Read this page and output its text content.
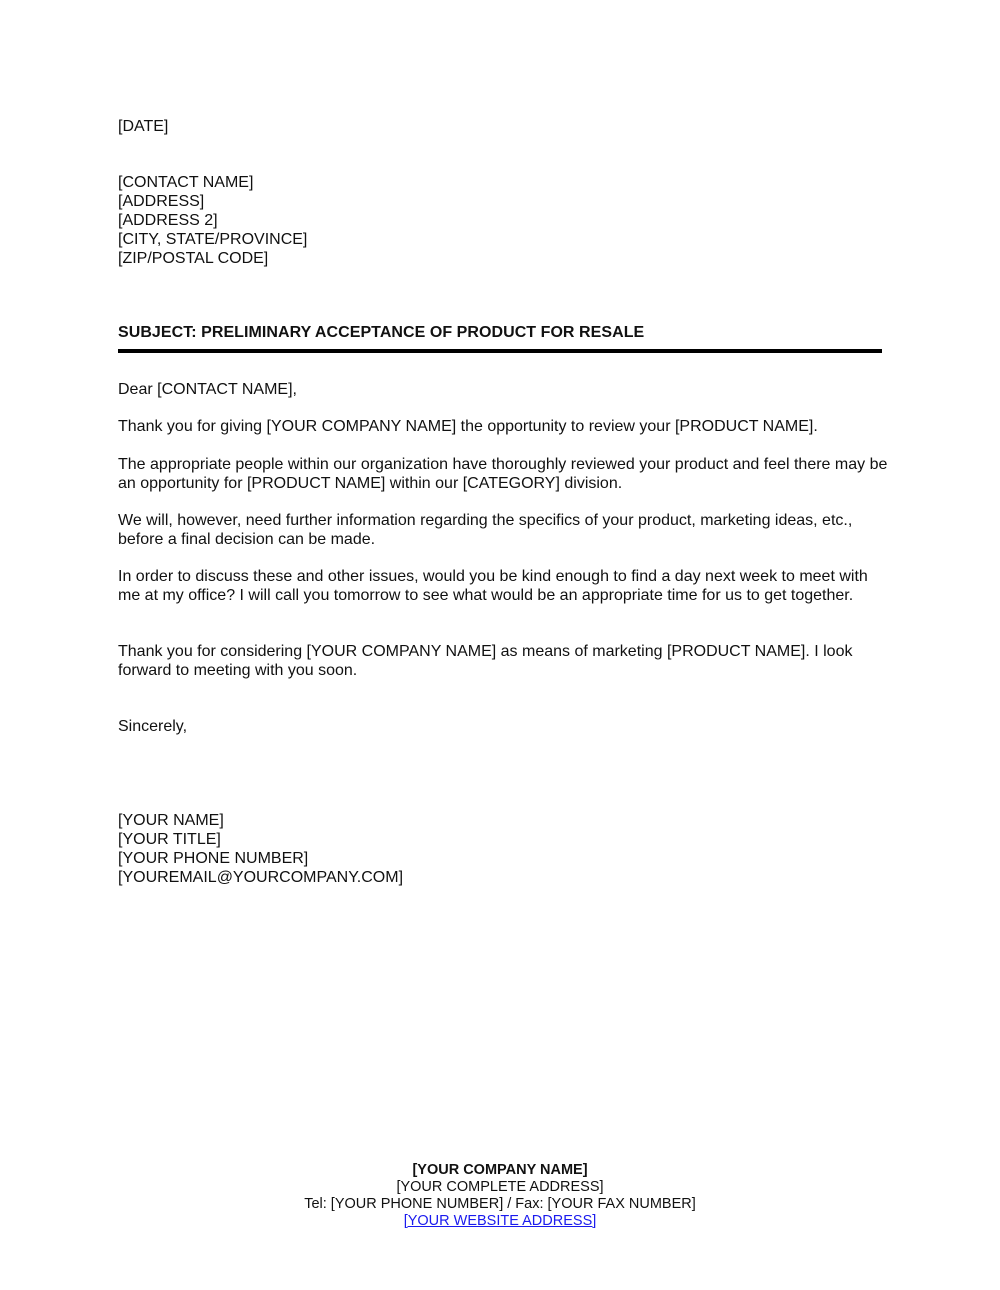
[DATE]
[CONTACT NAME]
[ADDRESS]
[ADDRESS 2]
[CITY, STATE/PROVINCE]
[ZIP/POSTAL CODE]
SUBJECT: PRELIMINARY ACCEPTANCE OF PRODUCT FOR RESALE

Dear [CONTACT NAME],

Thank you for giving [YOUR COMPANY NAME] the opportunity to review your [PRODUCT NAME].

The appropriate people within our organization have thoroughly reviewed your product and feel there may be an opportunity for [PRODUCT NAME] within our [CATEGORY] division.

We will, however, need further information regarding the specifics of your product, marketing ideas, etc., before a final decision can be made.

In order to discuss these and other issues, would you be kind enough to find a day next week to meet with me at my office? I will call you tomorrow to see what would be an appropriate time for us to get together.

Thank you for considering [YOUR COMPANY NAME] as means of marketing [PRODUCT NAME]. I look forward to meeting with you soon.

Sincerely,
[YOUR NAME]
[YOUR TITLE]
[YOUR PHONE NUMBER]
[YOUREMAIL@YOURCOMPANY.COM]
[YOUR COMPANY NAME]
[YOUR COMPLETE ADDRESS]
Tel: [YOUR PHONE NUMBER] / Fax: [YOUR FAX NUMBER]
[YOUR WEBSITE ADDRESS]
